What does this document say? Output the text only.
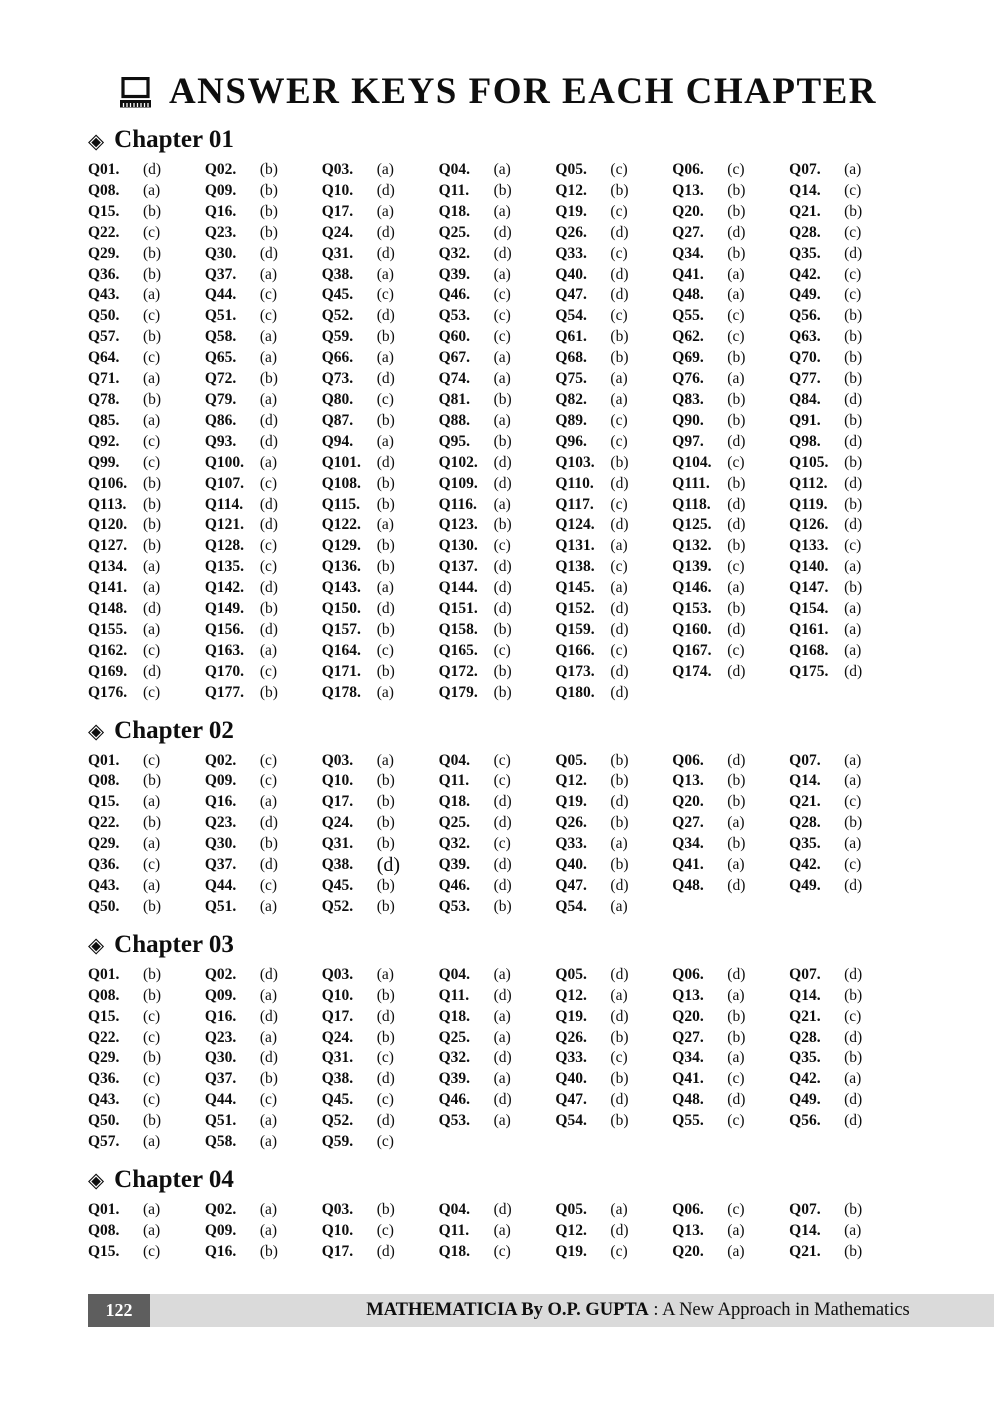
ANSWER KEYS FOR EACH CHAPTER
◈ Chapter 01
Q01.	(d)	Q02.	(b)	Q03.	(a)	Q04.	(a)	Q05.	(c)	Q06.	(c)	Q07.	(a)
Q08.	(a)	Q09.	(b)	Q10.	(d)	Q11.	(b)	Q12.	(b)	Q13.	(b)	Q14.	(c)
Q15.	(b)	Q16.	(b)	Q17.	(a)	Q18.	(a)	Q19.	(c)	Q20.	(b)	Q21.	(b)
Q22.	(c)	Q23.	(b)	Q24.	(d)	Q25.	(d)	Q26.	(d)	Q27.	(d)	Q28.	(c)
Q29.	(b)	Q30.	(d)	Q31.	(d)	Q32.	(d)	Q33.	(c)	Q34.	(b)	Q35.	(d)
Q36.	(b)	Q37.	(a)	Q38.	(a)	Q39.	(a)	Q40.	(d)	Q41.	(a)	Q42.	(c)
Q43.	(a)	Q44.	(c)	Q45.	(c)	Q46.	(c)	Q47.	(d)	Q48.	(a)	Q49.	(c)
Q50.	(c)	Q51.	(c)	Q52.	(d)	Q53.	(c)	Q54.	(c)	Q55.	(c)	Q56.	(b)
Q57.	(b)	Q58.	(a)	Q59.	(b)	Q60.	(c)	Q61.	(b)	Q62.	(c)	Q63.	(b)
Q64.	(c)	Q65.	(a)	Q66.	(a)	Q67.	(a)	Q68.	(b)	Q69.	(b)	Q70.	(b)
Q71.	(a)	Q72.	(b)	Q73.	(d)	Q74.	(a)	Q75.	(a)	Q76.	(a)	Q77.	(b)
Q78.	(b)	Q79.	(a)	Q80.	(c)	Q81.	(b)	Q82.	(a)	Q83.	(b)	Q84.	(d)
Q85.	(a)	Q86.	(d)	Q87.	(b)	Q88.	(a)	Q89.	(c)	Q90.	(b)	Q91.	(b)
Q92.	(c)	Q93.	(d)	Q94.	(a)	Q95.	(b)	Q96.	(c)	Q97.	(d)	Q98.	(d)
Q99.	(c)	Q100.	(a)	Q101.	(d)	Q102.	(d)	Q103.	(b)	Q104.	(c)	Q105.	(b)
Q106.	(b)	Q107.	(c)	Q108.	(b)	Q109.	(d)	Q110.	(d)	Q111.	(b)	Q112.	(d)
Q113.	(b)	Q114.	(d)	Q115.	(b)	Q116.	(a)	Q117.	(c)	Q118.	(d)	Q119.	(b)
Q120.	(b)	Q121.	(d)	Q122.	(a)	Q123.	(b)	Q124.	(d)	Q125.	(d)	Q126.	(d)
Q127.	(b)	Q128.	(c)	Q129.	(b)	Q130.	(c)	Q131.	(a)	Q132.	(b)	Q133.	(c)
Q134.	(a)	Q135.	(c)	Q136.	(b)	Q137.	(d)	Q138.	(c)	Q139.	(c)	Q140.	(a)
Q141.	(a)	Q142.	(d)	Q143.	(a)	Q144.	(d)	Q145.	(a)	Q146.	(a)	Q147.	(b)
Q148.	(d)	Q149.	(b)	Q150.	(d)	Q151.	(d)	Q152.	(d)	Q153.	(b)	Q154.	(a)
Q155.	(a)	Q156.	(d)	Q157.	(b)	Q158.	(b)	Q159.	(d)	Q160.	(d)	Q161.	(a)
Q162.	(c)	Q163.	(a)	Q164.	(c)	Q165.	(c)	Q166.	(c)	Q167.	(c)	Q168.	(a)
Q169.	(d)	Q170.	(c)	Q171.	(b)	Q172.	(b)	Q173.	(d)	Q174.	(d)	Q175.	(d)
Q176.	(c)	Q177.	(b)	Q178.	(a)	Q179.	(b)	Q180.	(d)
◈ Chapter 02
Q01.	(c)	Q02.	(c)	Q03.	(a)	Q04.	(c)	Q05.	(b)	Q06.	(d)	Q07.	(a)
Q08.	(b)	Q09.	(c)	Q10.	(b)	Q11.	(c)	Q12.	(b)	Q13.	(b)	Q14.	(a)
Q15.	(a)	Q16.	(a)	Q17.	(b)	Q18.	(d)	Q19.	(d)	Q20.	(b)	Q21.	(c)
Q22.	(b)	Q23.	(d)	Q24.	(b)	Q25.	(d)	Q26.	(b)	Q27.	(a)	Q28.	(b)
Q29.	(a)	Q30.	(b)	Q31.	(b)	Q32.	(c)	Q33.	(a)	Q34.	(b)	Q35.	(a)
Q36.	(c)	Q37.	(d)	Q38.	(d) Q39.	(d)	Q40.	(b)	Q41.	(a)	Q42.	(c)
Q43.	(a)	Q44.	(c)	Q45.	(b)	Q46.	(d)	Q47.	(d)	Q48.	(d)	Q49.	(d)
Q50.	(b)	Q51.	(a)	Q52.	(b)	Q53.	(b)	Q54.	(a)
◈ Chapter 03
Q01.	(b)	Q02.	(d)	Q03.	(a)	Q04.	(a)	Q05.	(d)	Q06.	(d)	Q07.	(d)
Q08.	(b)	Q09.	(a)	Q10.	(b)	Q11.	(d)	Q12.	(a)	Q13.	(a)	Q14.	(b)
Q15.	(c)	Q16.	(d)	Q17.	(d)	Q18.	(a)	Q19.	(d)	Q20.	(b)	Q21.	(c)
Q22.	(c)	Q23.	(a)	Q24.	(b)	Q25.	(a)	Q26.	(b)	Q27.	(b)	Q28.	(d)
Q29.	(b)	Q30.	(d)	Q31.	(c)	Q32.	(d)	Q33.	(c)	Q34.	(a)	Q35.	(b)
Q36.	(c)	Q37.	(b)	Q38.	(d)	Q39.	(a)	Q40.	(b)	Q41.	(c)	Q42.	(a)
Q43.	(c)	Q44.	(c)	Q45.	(c)	Q46.	(d)	Q47.	(d)	Q48.	(d)	Q49.	(d)
Q50.	(b)	Q51.	(a)	Q52.	(d)	Q53.	(a)	Q54.	(b)	Q55.	(c)	Q56.	(d)
Q57.	(a)	Q58.	(a)	Q59.	(c)
◈ Chapter 04
Q01.	(a)	Q02.	(a)	Q03.	(b)	Q04.	(d)	Q05.	(a)	Q06.	(c)	Q07.	(b)
Q08.	(a)	Q09.	(a)	Q10.	(c)	Q11.	(a)	Q12.	(d)	Q13.	(a)	Q14.	(a)
Q15.	(c)	Q16.	(b)	Q17.	(d)	Q18.	(c)	Q19.	(c)	Q20.	(a)	Q21.	(b)
122	MATHEMATICIA By O.P. GUPTA : A New Approach in Mathematics
